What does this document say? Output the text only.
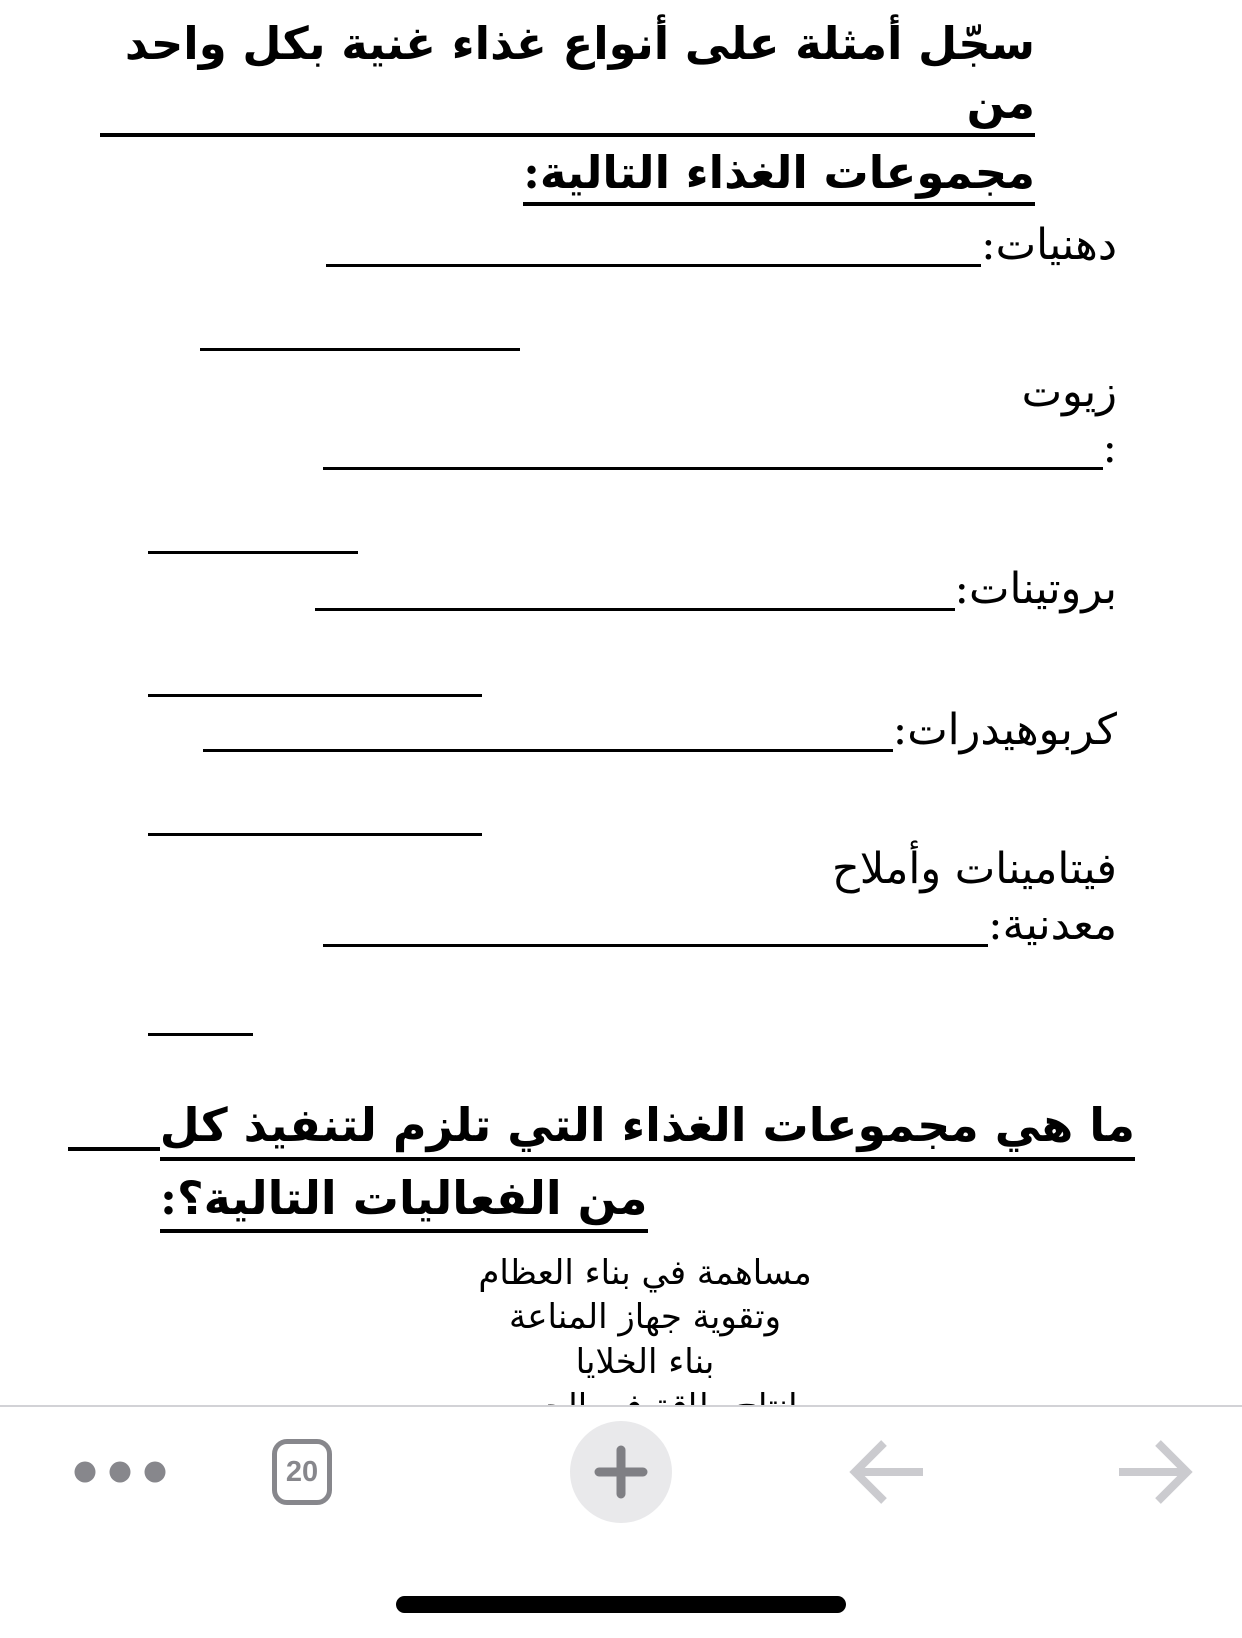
سجّل أمثلة على أنواع غذاء غنية بكل واحد من
مجموعات الغذاء التالية:
دهنيات:
زيوت
:
بروتينات:
كربوهيدرات:
فيتامينات وأملاح
معدنية:
ما هي مجموعات الغذاء التي تلزم لتنفيذ كل
من الفعاليات التالية؟:
مساهمة في بناء العظام
وتقوية جهاز المناعة
بناء الخلايا
20
